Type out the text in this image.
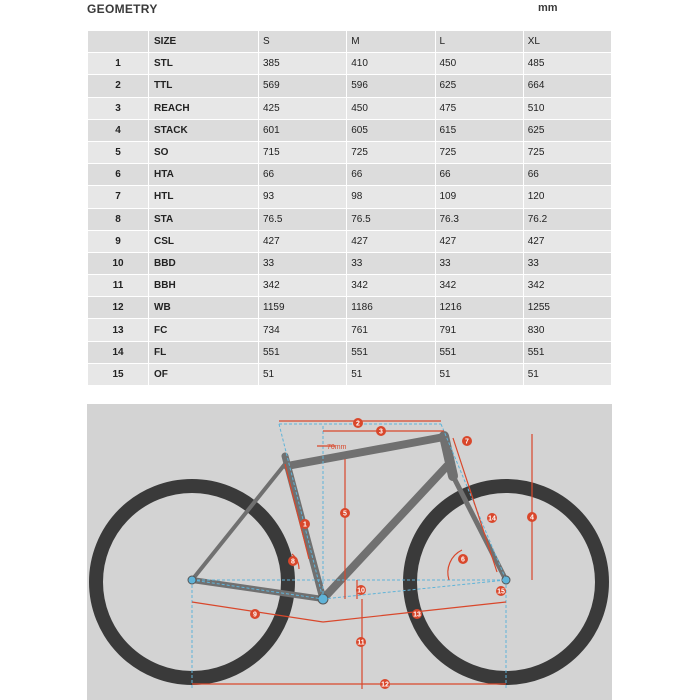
GEOMETRY	mm
	SIZE	S	M	L	XL
1	STL	385	410	450	485
2	TTL	569	596	625	664
3	REACH	425	450	475	510
4	STACK	601	605	615	625
5	SO	715	725	725	725
6	HTA	66	66	66	66
7	HTL	93	98	109	120
8	STA	76.5	76.5	76.3	76.2
9	CSL	427	427	427	427
10	BBD	33	33	33	33
11	BBH	342	342	342	342
12	WB	1159	1186	1216	1255
13	FC	734	761	791	830
14	FL	551	551	551	551
15	OF	51	51	51	51
70mm
1
2
3
4
5
6
7
8
9
10
11
12
13
14
15
